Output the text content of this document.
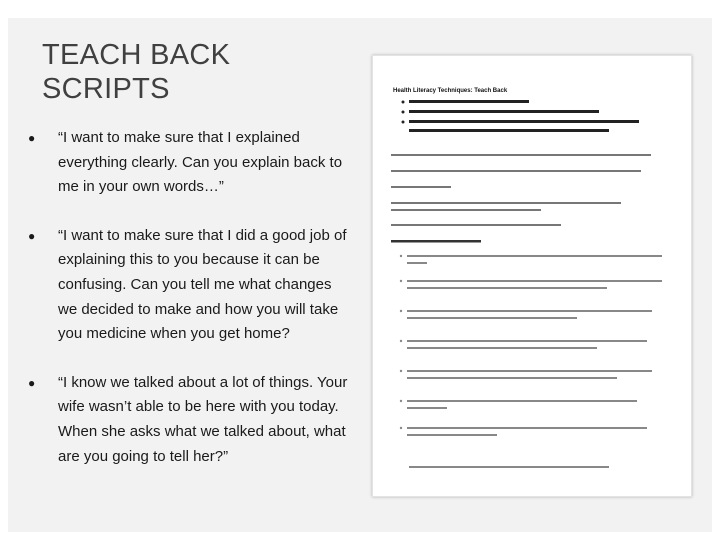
TEACH BACK SCRIPTS
● “I want to make sure that I explained everything clearly. Can you explain back to me in your own words…”
● “I want to make sure that I did a good job of explaining this to you because it can be confusing. Can you tell me what changes we decided to make and how you will take you medicine when you get home?
● “I know we talked about a lot of things. Your wife wasn’t able to be here with you today. When she asks what we talked about, what are you going to tell her?”
Health Literacy Techniques: Teach Back
